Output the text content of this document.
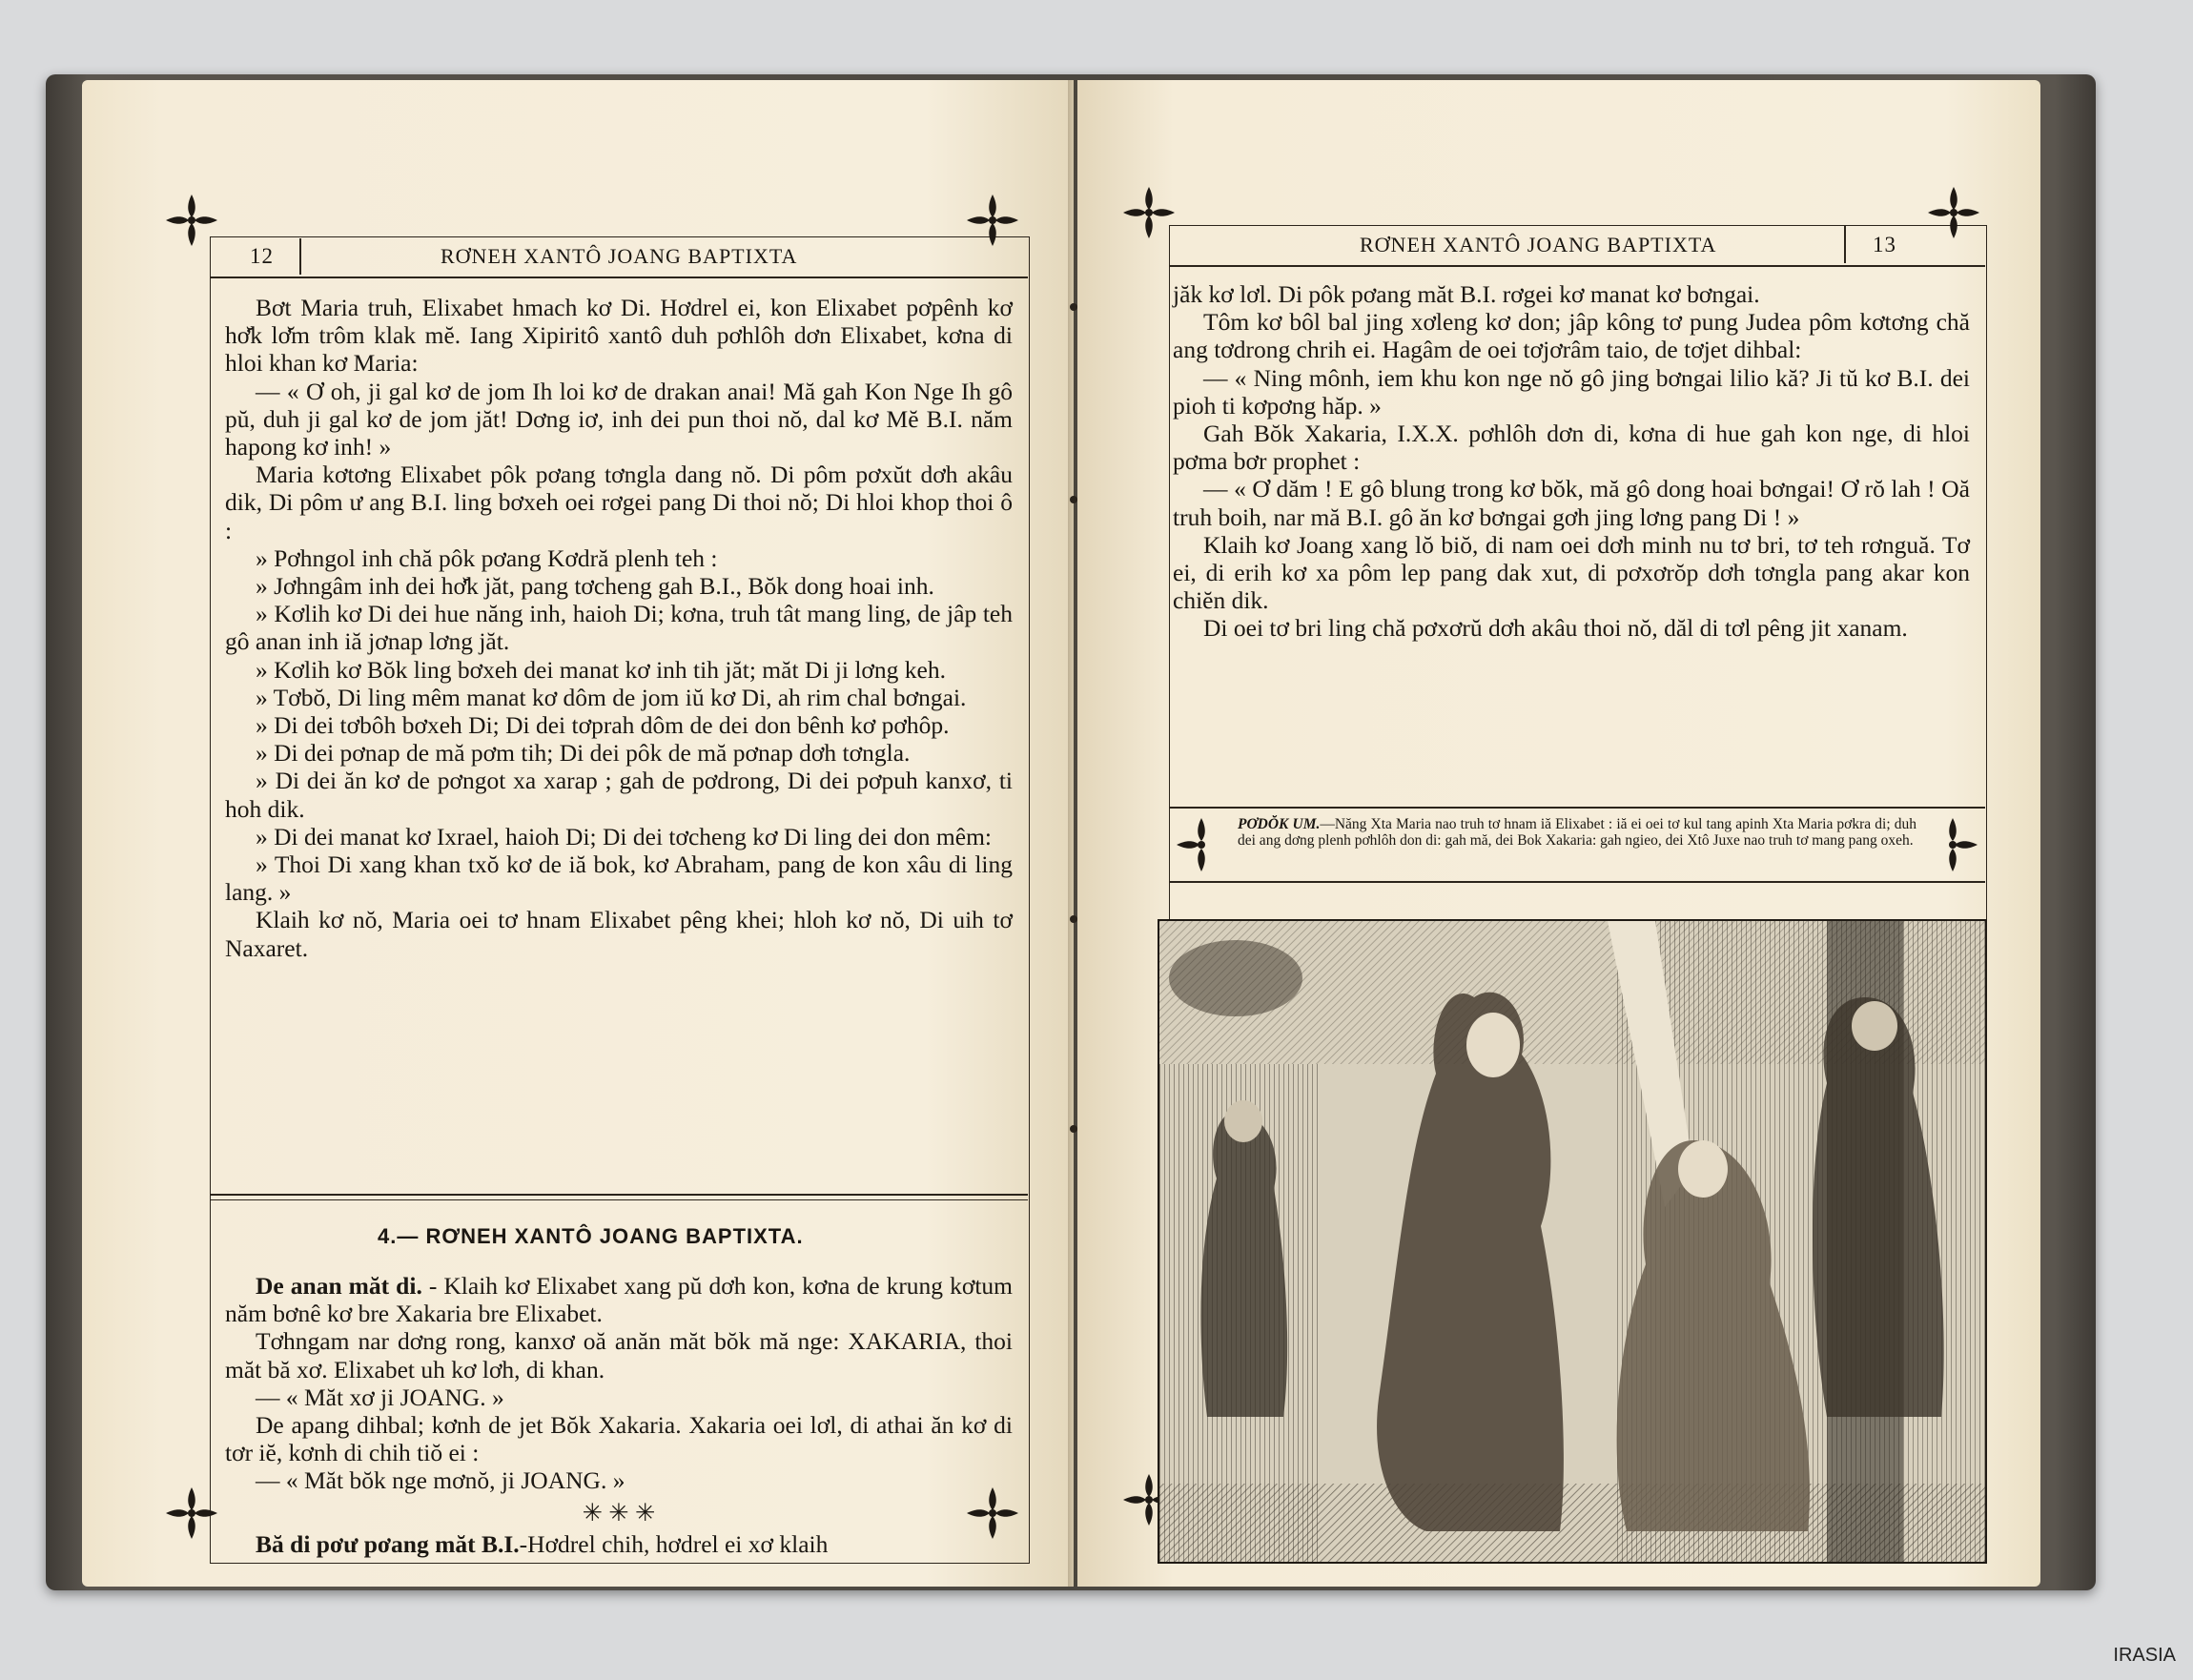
12	RƠNEH XANTÔ JOANG BAPTIXTA

Bơt Maria truh, Elixabet hmach kơ Di. Hơdrel ei, kon Elixabet pơpênh kơ hơ̆k lơ̆m trôm klak mĕ. Iang Xipiritô xantô duh pơhlôh dơn Elixabet, kơna di hloi khan kơ Maria:

— « Ơ oh, ji gal kơ de jom Ih loi kơ de drakan anai! Mă gah Kon Nge Ih gô pŭ, duh ji gal kơ de jom jăt! Dơng iơ, inh dei pun thoi nŏ, dal kơ Mĕ B.I. năm hapong kơ inh! »

Maria kơtơng Elixabet pôk pơang tơngla dang nŏ. Di pôm pơxŭt dơh akâu dik, Di pôm ư ang B.I. ling bơxeh oei rơgei pang Di thoi nŏ; Di hloi khop thoi ô :

» Pơhngol inh chă pôk pơang Kơdră plenh teh :

» Jơhngâm inh dei hơ̆k jăt, pang tơcheng gah B.I., Bŏk dong hoai inh.

» Kơlih kơ Di dei hue năng inh, haioh Di; kơna, truh tât mang ling, de jâp teh gô anan inh iă jơnap lơng jăt.

» Kơlih kơ Bŏk ling bơxeh dei manat kơ inh tih jăt; măt Di ji lơng keh.

» Tơbŏ, Di ling mêm manat kơ dôm de jom iŭ kơ Di, ah rim chal bơngai.

» Di dei tơbôh bơxeh Di; Di dei tơprah dôm de dei don bênh kơ pơhôp.

» Di dei pơnap de mă pơm tih; Di dei pôk de mă pơnap dơh tơngla.

» Di dei ăn kơ de pơngot xa xarap ; gah de pơdrong, Di dei pơpuh kanxơ, ti hoh dik.

» Di dei manat kơ Ixrael, haioh Di; Di dei tơcheng kơ Di ling dei don mêm:

» Thoi Di xang khan txŏ kơ de iă bok, kơ Abraham, pang de kon xâu di ling lang. »

Klaih kơ nŏ, Maria oei tơ hnam Elixabet pêng khei; hloh kơ nŏ, Di uih tơ Naxaret.

4.— RƠNEH XANTÔ JOANG BAPTIXTA.

De anan măt di. - Klaih kơ Elixabet xang pŭ dơh kon, kơna de krung kơtum năm bơnê kơ bre Xakaria bre Elixabet.

Tơhngam nar dơng rong, kanxơ oă anăn măt bŏk mă nge: XAKARIA, thoi măt bă xơ. Elixabet uh kơ lơh, di khan.

— « Măt xơ ji JOANG. »

De apang dihbal; kơnh de jet Bŏk Xakaria. Xakaria oei lơl, di athai ăn kơ di tơr iĕ, kơnh di chih tiŏ ei :

— « Măt bŏk nge mơnŏ, ji JOANG. »

✳ ✳ ✳

Bă di pơư pơang măt B.I.-Hơdrel chih, hơdrel ei xơ klaih

RƠNEH XANTÔ JOANG BAPTIXTA	13

jăk kơ lơl. Di pôk pơang măt B.I. rơgei kơ manat kơ bơngai.

Tôm kơ bôl bal jing xơleng kơ don; jâp kông tơ pung Judea pôm kơtơng chă ang tơdrong chrih ei. Hagâm de oei tơjơrâm taio, de tơjet dihbal:

— « Ning mônh, iem khu kon nge nŏ gô jing bơngai lilio kă? Ji tŭ kơ B.I. dei pioh ti kơpơng hăp. »

Gah Bŏk Xakaria, I.X.X. pơhlôh dơn di, kơna di hue gah kon nge, di hloi pơma bơr prophet :

— « Ơ dăm ! E gô blung trong kơ bŏk, mă gô dong hoai bơngai! Ơ rŏ lah ! Oă truh boih, nar mă B.I. gô ăn kơ bơngai gơh jing lơng pang Di ! »

Klaih kơ Joang xang lŏ biŏ, di nam oei dơh minh nu tơ bri, tơ teh rơnguă. Tơ ei, di erih kơ xa pôm lep pang dak xut, di pơxơrŏp dơh tơngla pang akar kon chiĕn dik.

Di oei tơ bri ling chă pơxơrŭ dơh akâu thoi nŏ, dăl di tơl pêng jit xanam.

PƠDŎK UM.—Năng Xta Maria nao truh tơ hnam iă Elixabet : iă ei oei tơ kul tang apinh Xta Maria pơkra di; duh dei ang dơng plenh pơhlôh don di: gah mă, dei Bok Xakaria: gah ngieo, dei Xtô Juxe nao truh tơ mang pang oxeh.
IRASIA
